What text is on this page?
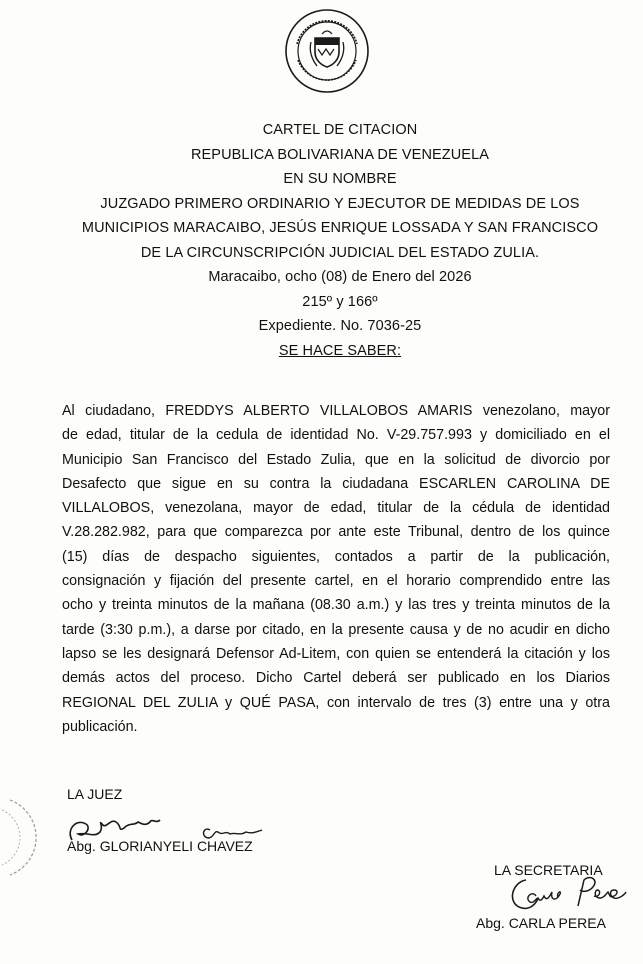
CARTEL DE CITACION
REPUBLICA BOLIVARIANA DE VENEZUELA
EN SU NOMBRE
JUZGADO PRIMERO ORDINARIO Y EJECUTOR DE MEDIDAS DE LOS
MUNICIPIOS MARACAIBO, JESÚS ENRIQUE LOSSADA Y SAN FRANCISCO
DE LA CIRCUNSCRIPCIÓN JUDICIAL DEL ESTADO ZULIA.
Maracaibo, ocho (08) de Enero del 2026
215º y 166º
Expediente. No. 7036-25
SE HACE SABER:
Al ciudadano, FREDDYS ALBERTO VILLALOBOS AMARIS venezolano, mayor
de edad, titular de la cedula de identidad No. V-29.757.993 y domiciliado en el
Municipio San Francisco del Estado Zulia, que en la solicitud de divorcio por
Desafecto que sigue en su contra la ciudadana ESCARLEN CAROLINA DE
VILLALOBOS, venezolana, mayor de edad, titular de la cédula de identidad
V.28.282.982, para que comparezca por ante este Tribunal, dentro de los quince
(15) días de despacho siguientes, contados a partir de la publicación,
consignación y fijación del presente cartel, en el horario comprendido entre las
ocho y treinta minutos de la mañana (08.30 a.m.) y las tres y treinta minutos de la
tarde (3:30 p.m.), a darse por citado, en la presente causa y de no acudir en dicho
lapso se les designará Defensor Ad-Litem, con quien se entenderá la citación y los
demás actos del proceso. Dicho Cartel deberá ser publicado en los Diarios
REGIONAL DEL ZULIA y QUÉ PASA, con intervalo de tres (3) entre una y otra
publicación.
LA JUEZ
Abg. GLORIANYELI CHAVEZ
LA SECRETARIA
Abg. CARLA PEREA
